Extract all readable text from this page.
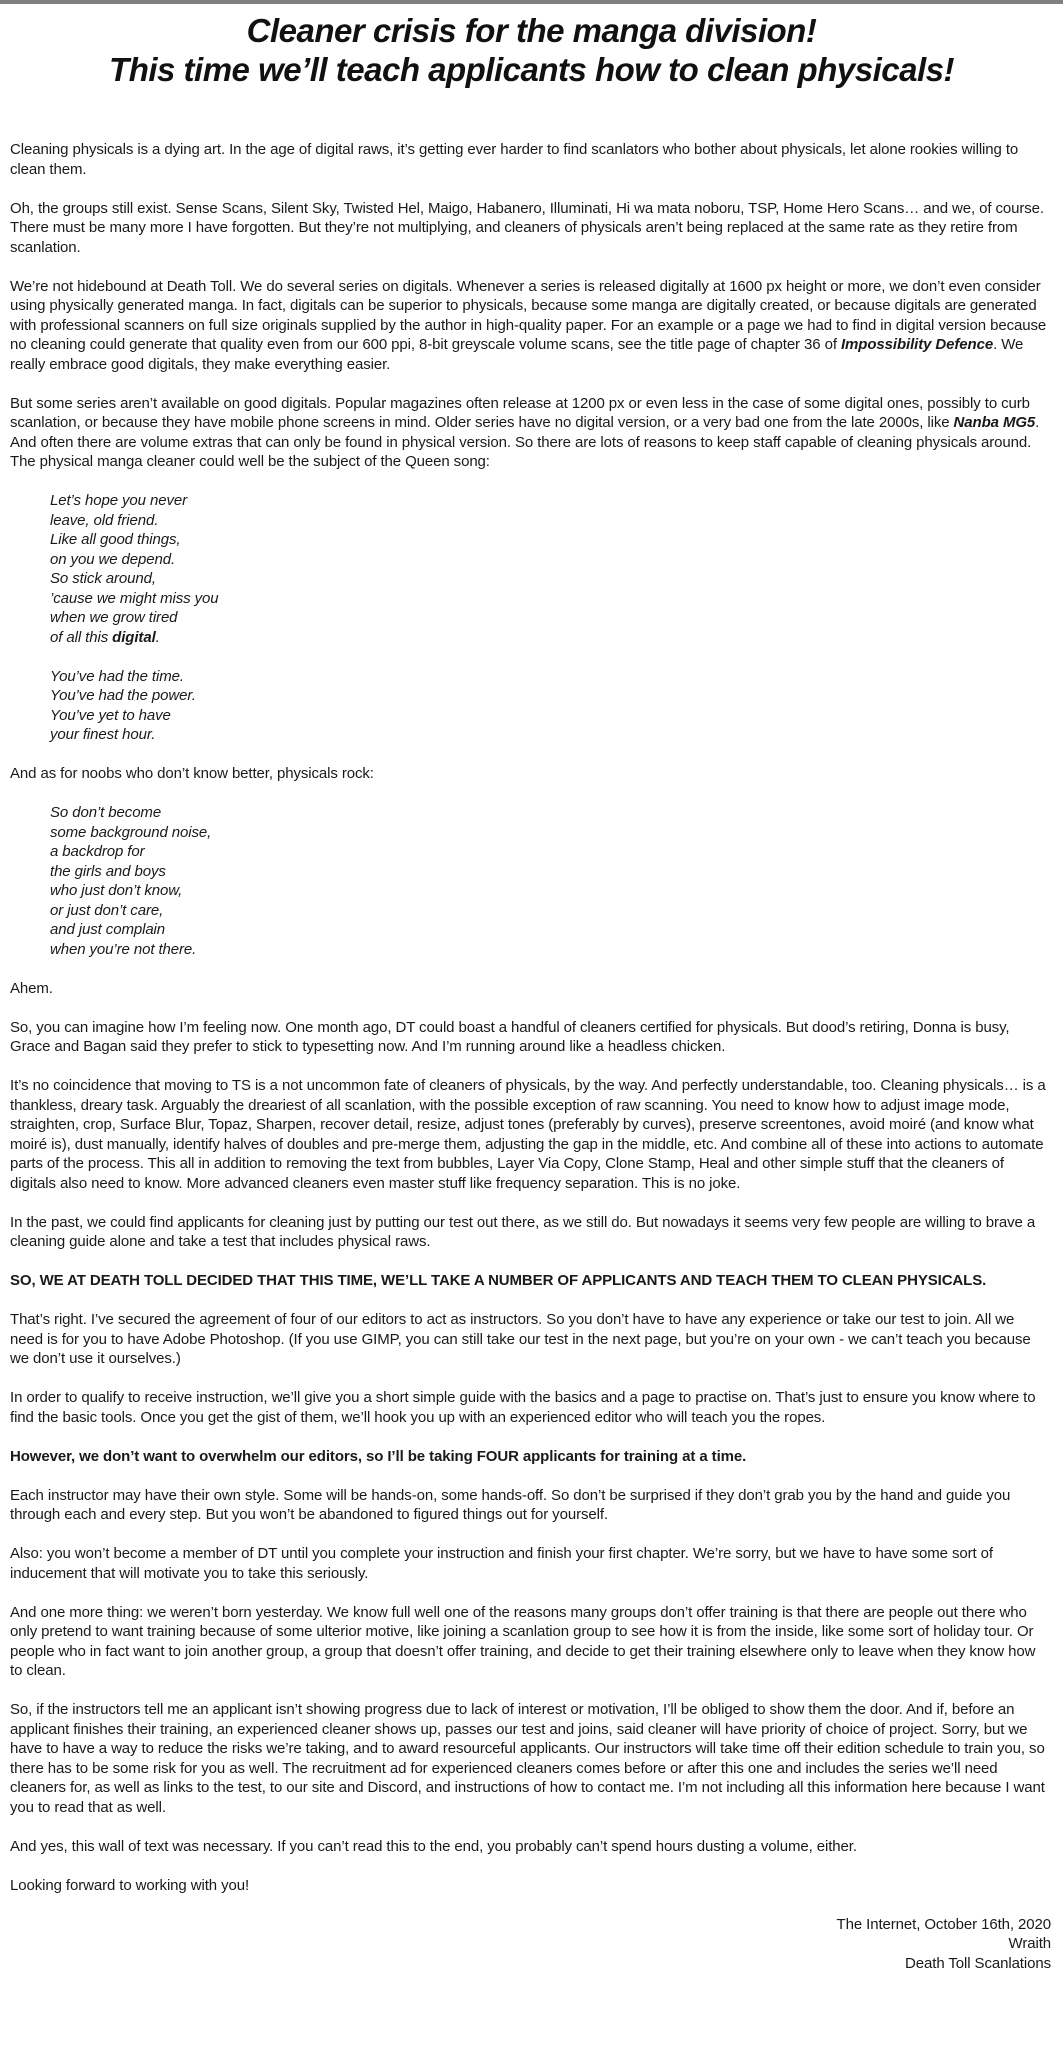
Cleaner crisis for the manga division!
This time we’ll teach applicants how to clean physicals!

Cleaning physicals is a dying art. In the age of digital raws, it’s getting ever harder to find scanlators who bother about physicals, let alone rookies willing to clean them.

Oh, the groups still exist. Sense Scans, Silent Sky, Twisted Hel, Maigo, Habanero, Illuminati, Hi wa mata noboru, TSP, Home Hero Scans… and we, of course. There must be many more I have forgotten. But they’re not multiplying, and cleaners of physicals aren’t being replaced at the same rate as they retire from scanlation.

We’re not hidebound at Death Toll. We do several series on digitals. Whenever a series is released digitally at 1600 px height or more, we don’t even consider using physically generated manga. In fact, digitals can be superior to physicals, because some manga are digitally created, or because digitals are generated with professional scanners on full size originals supplied by the author in high-quality paper. For an example or a page we had to find in digital version because no cleaning could generate that quality even from our 600 ppi, 8-bit greyscale volume scans, see the title page of chapter 36 of Impossibility Defence. We really embrace good digitals, they make everything easier.

But some series aren’t available on good digitals. Popular magazines often release at 1200 px or even less in the case of some digital ones, possibly to curb scanlation, or because they have mobile phone screens in mind. Older series have no digital version, or a very bad one from the late 2000s, like Nanba MG5. And often there are volume extras that can only be found in physical version. So there are lots of reasons to keep staff capable of cleaning physicals around. The physical manga cleaner could well be the subject of the Queen song:

Let’s hope you never
leave, old friend.
Like all good things,
on you we depend.
So stick around,
’cause we might miss you
when we grow tired
of all this digital.
You’ve had the time.
You’ve had the power.
You’ve yet to have
your finest hour.

And as for noobs who don’t know better, physicals rock:

So don’t become
some background noise,
a backdrop for
the girls and boys
who just don’t know,
or just don’t care,
and just complain
when you’re not there.

Ahem.

So, you can imagine how I’m feeling now. One month ago, DT could boast a handful of cleaners certified for physicals. But dood’s retiring, Donna is busy, Grace and Bagan said they prefer to stick to typesetting now. And I’m running around like a headless chicken.

It’s no coincidence that moving to TS is a not uncommon fate of cleaners of physicals, by the way. And perfectly understandable, too. Cleaning physicals… is a thankless, dreary task. Arguably the dreariest of all scanlation, with the possible exception of raw scanning. You need to know how to adjust image mode, straighten, crop, Surface Blur, Topaz, Sharpen, recover detail, resize, adjust tones (preferably by curves), preserve screentones, avoid moiré (and know what moiré is), dust manually, identify halves of doubles and pre-merge them, adjusting the gap in the middle, etc. And combine all of these into actions to automate parts of the process. This all in addition to removing the text from bubbles, Layer Via Copy, Clone Stamp, Heal and other simple stuff that the cleaners of digitals also need to know. More advanced cleaners even master stuff like frequency separation. This is no joke.

In the past, we could find applicants for cleaning just by putting our test out there, as we still do. But nowadays it seems very few people are willing to brave a cleaning guide alone and take a test that includes physical raws.

SO, WE AT DEATH TOLL DECIDED THAT THIS TIME, WE’LL TAKE A NUMBER OF APPLICANTS AND TEACH THEM TO CLEAN PHYSICALS.

That’s right. I’ve secured the agreement of four of our editors to act as instructors. So you don’t have to have any experience or take our test to join. All we need is for you to have Adobe Photoshop. (If you use GIMP, you can still take our test in the next page, but you’re on your own - we can’t teach you because we don’t use it ourselves.)

In order to qualify to receive instruction, we’ll give you a short simple guide with the basics and a page to practise on. That’s just to ensure you know where to find the basic tools. Once you get the gist of them, we’ll hook you up with an experienced editor who will teach you the ropes.

However, we don’t want to overwhelm our editors, so I’ll be taking FOUR applicants for training at a time.

Each instructor may have their own style. Some will be hands-on, some hands-off. So don’t be surprised if they don’t grab you by the hand and guide you through each and every step. But you won’t be abandoned to figured things out for yourself.

Also: you won’t become a member of DT until you complete your instruction and finish your first chapter. We’re sorry, but we have to have some sort of inducement that will motivate you to take this seriously.

And one more thing: we weren’t born yesterday. We know full well one of the reasons many groups don’t offer training is that there are people out there who only pretend to want training because of some ulterior motive, like joining a scanlation group to see how it is from the inside, like some sort of holiday tour. Or people who in fact want to join another group, a group that doesn’t offer training, and decide to get their training elsewhere only to leave when they know how to clean.

So, if the instructors tell me an applicant isn’t showing progress due to lack of interest or motivation, I’ll be obliged to show them the door. And if, before an applicant finishes their training, an experienced cleaner shows up, passes our test and joins, said cleaner will have priority of choice of project. Sorry, but we have to have a way to reduce the risks we’re taking, and to award resourceful applicants. Our instructors will take time off their edition schedule to train you, so there has to be some risk for you as well. The recruitment ad for experienced cleaners comes before or after this one and includes the series we’ll need cleaners for, as well as links to the test, to our site and Discord, and instructions of how to contact me. I’m not including all this information here because I want you to read that as well.

And yes, this wall of text was necessary. If you can’t read this to the end, you probably can’t spend hours dusting a volume, either.

Looking forward to working with you!

The Internet, October 16th, 2020
Wraith
Death Toll Scanlations
